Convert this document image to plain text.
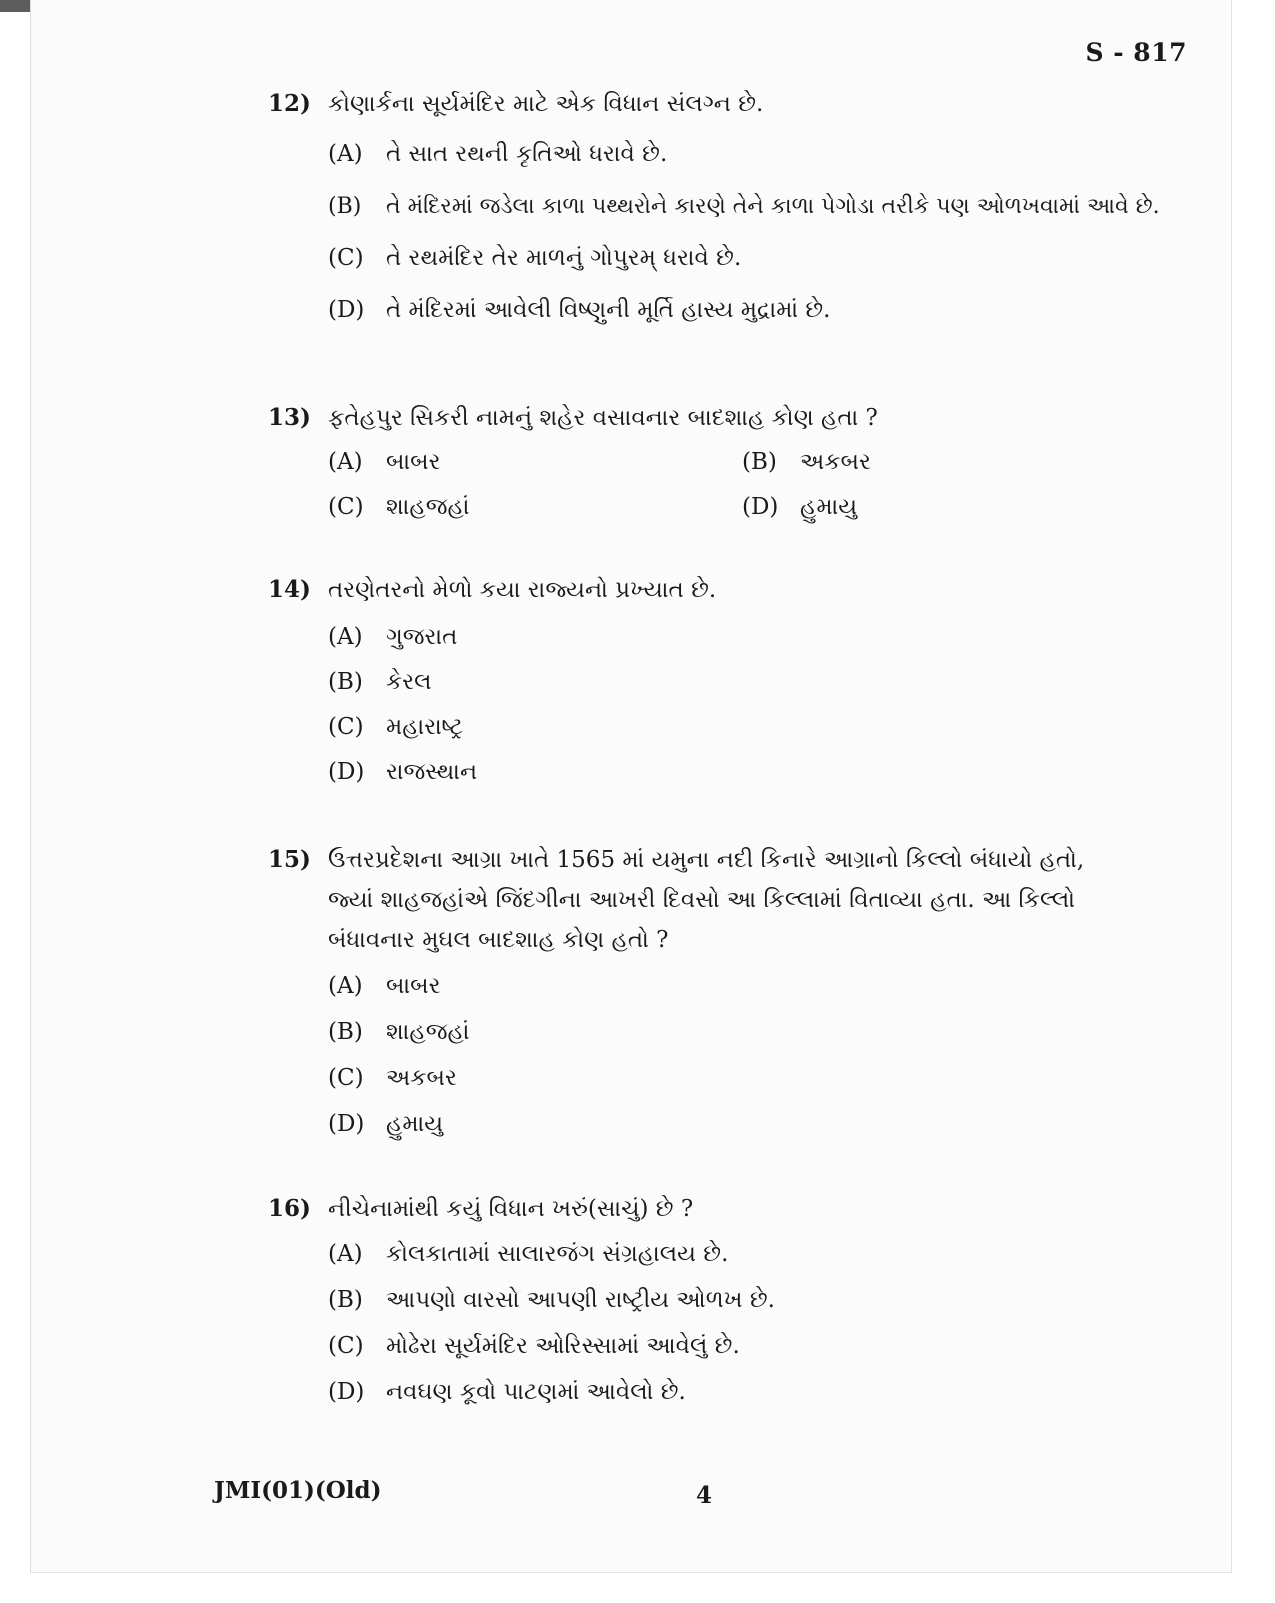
S - 817
12) કોણાર્કના સૂર્યમંદિર માટે એક વિધાન સંલગ્ન છે.
(A) તે સાત રથની કૃતિઓ ધરાવે છે.
(B) તે મંદિરમાં જડેલા કાળા પથ્થરોને કારણે તેને કાળા પેગોડા તરીકે પણ ઓળખવામાં આવે છે.
(C) તે રથમંદિર તેર માળનું ગોપુરમ્ ધરાવે છે.
(D) તે મંદિરમાં આવેલી વિષ્ણુની મૂર્તિ હાસ્ય મુદ્રામાં છે.
13) ફતેહપુર સિકરી નામનું શહેર વસાવનાર બાદશાહ કોણ હતા ?
(A) બાબર	(B) અકબર
(C) શાહજહાં	(D) હુમાયુ
14) તરણેતરનો મેળો કયા રાજ્યનો પ્રખ્યાત છે.
(A) ગુજરાત
(B) કેરલ
(C) મહારાષ્ટ્ર
(D) રાજસ્થાન
15) ઉત્તરપ્રદેશના આગ્રા ખાતે 1565 માં યમુના નદી કિનારે આગ્રાનો કિલ્લો બંધાયો હતો, જ્યાં શાહજહાંએ જિંદગીના આખરી દિવસો આ કિલ્લામાં વિતાવ્યા હતા. આ કિલ્લો બંધાવનાર મુઘલ બાદશાહ કોણ હતો ?
(A) બાબર
(B) શાહજહાં
(C) અકબર
(D) હુમાયુ
16) નીચેનામાંથી કયું વિધાન ખરું(સાચું) છે ?
(A) કોલકાતામાં સાલારજંગ સંગ્રહાલય છે.
(B) આપણો વારસો આપણી રાષ્ટ્રીય ઓળખ છે.
(C) મોઢેરા સૂર્યમંદિર ઓરિસ્સામાં આવેલું છે.
(D) નવઘણ કૂવો પાટણમાં આવેલો છે.
JMI(01)(Old)	4
